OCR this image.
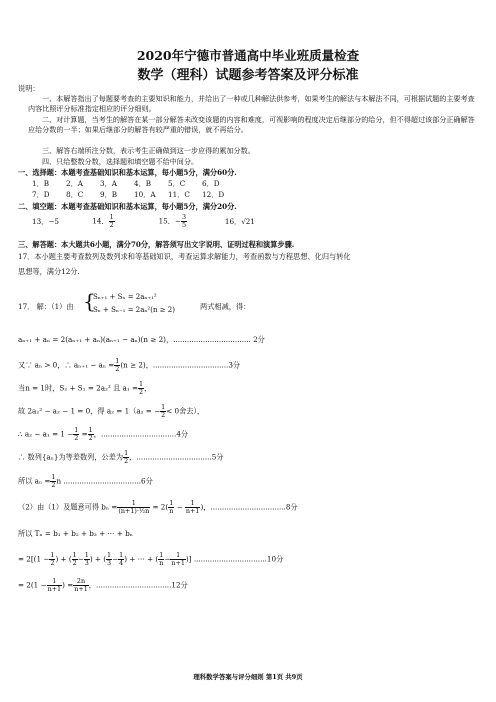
2020年宁德市普通高中毕业班质量检查
数学（理科）试题参考答案及评分标准
说明：
一、本解答指出了每题要考查的主要知识和能力，并给出了一种或几种解法供参考，如果考生的解法与本解法不同，可根据试题的主要考查内容比照评分标准指定相应的评分细则。
二、对计算题，当考生的解答在某一部分解答未改变该题的内容和难度，可视影响的程度决定后继部分的给分，但不得超过该部分正确解答应给分数的一半；如果后继部分的解答有较严重的错误，就不再给分。
三、解答右端所注分数，表示考生正确做到这一步应得的累加分数。
四、只给整数分数，选择题和填空题不给中间分。
一、选择题：本题考查基础知识和基本运算，每小题5分，满分60分.
1．B 2．A 3．A 4．B 5．C 6．D
7．D 8．C 9．B 10．A 11．C 12．D
二、填空题：本题考查基础知识和基本运算，每小题5分，满分20分.
13．−5	14． $\frac{1}{2}$	15．− $\frac{3}{5}$	16．√21
三、解答题：本大题共6小题，满分70分，解答须写出文字说明、证明过程和演算步骤.
17．本小题主要考查数列及数列求和等基础知识，考查运算求解能力，考查函数与方程思想、化归与转化
思想等，满分12分.
17． 解：（1）由 {
Sₙ₊₁ + Sₙ = 2aₙ₊₁²
Sₙ + Sₙ₋₁ = 2aₙ²(n ≥ 2)	两式相减，得：
aₙ₊₁ + aₙ = 2(aₙ₊₁ + aₙ)(aₙ₊₁ − aₙ)(n ≥ 2)，.................................. 2分
又∵ aₙ > 0，∴ $a_{n+1} - a_n = \frac{1}{2} (n \ge 2)$，.................................3分
当n = 1时，S₂ + S₁ = 2a₂² 且 $a_1 = \frac{1}{2}$ ，
故 2a₂² − a₂ − 1 = 0，得 a₂ = 1（a₂ = − $\frac{1}{2} < 0$舍去），
∴ $a_2 - a_1 = 1 - \frac{1}{2} = \frac{1}{2}$ ，.................................4分
∴ 数列{aₙ}为等差数列，公差为 $\frac{1}{2}$ ，.................................5分
所以 $a_n = \frac{1}{2}$ n ..................................6分
（2）由（1）及题意可得 $b_n = \frac{1}{\text{(n+1)·½n}} = 2( \frac{1}{n} - \frac{1}{n+1}$ )，.................................8分
所以 Tₙ = b₁ + b₂ + b₃ + ⋯ + bₙ
= $2[(1 - \frac{1}{2}$ ) + ( $\frac{1}{2} - \frac{1}{3}$ ) + ( $\frac{1}{3} - \frac{1}{4}$ ) + ⋯ + ( $\frac{1}{n} - \frac{1}{n+1}$ )] ................................10分
= $2(1 - \frac{1}{n+1}$ ) = $\frac{2n}{n+1}$ ，.................................12分
理科数学答案与评分细则 第1页 共9页
